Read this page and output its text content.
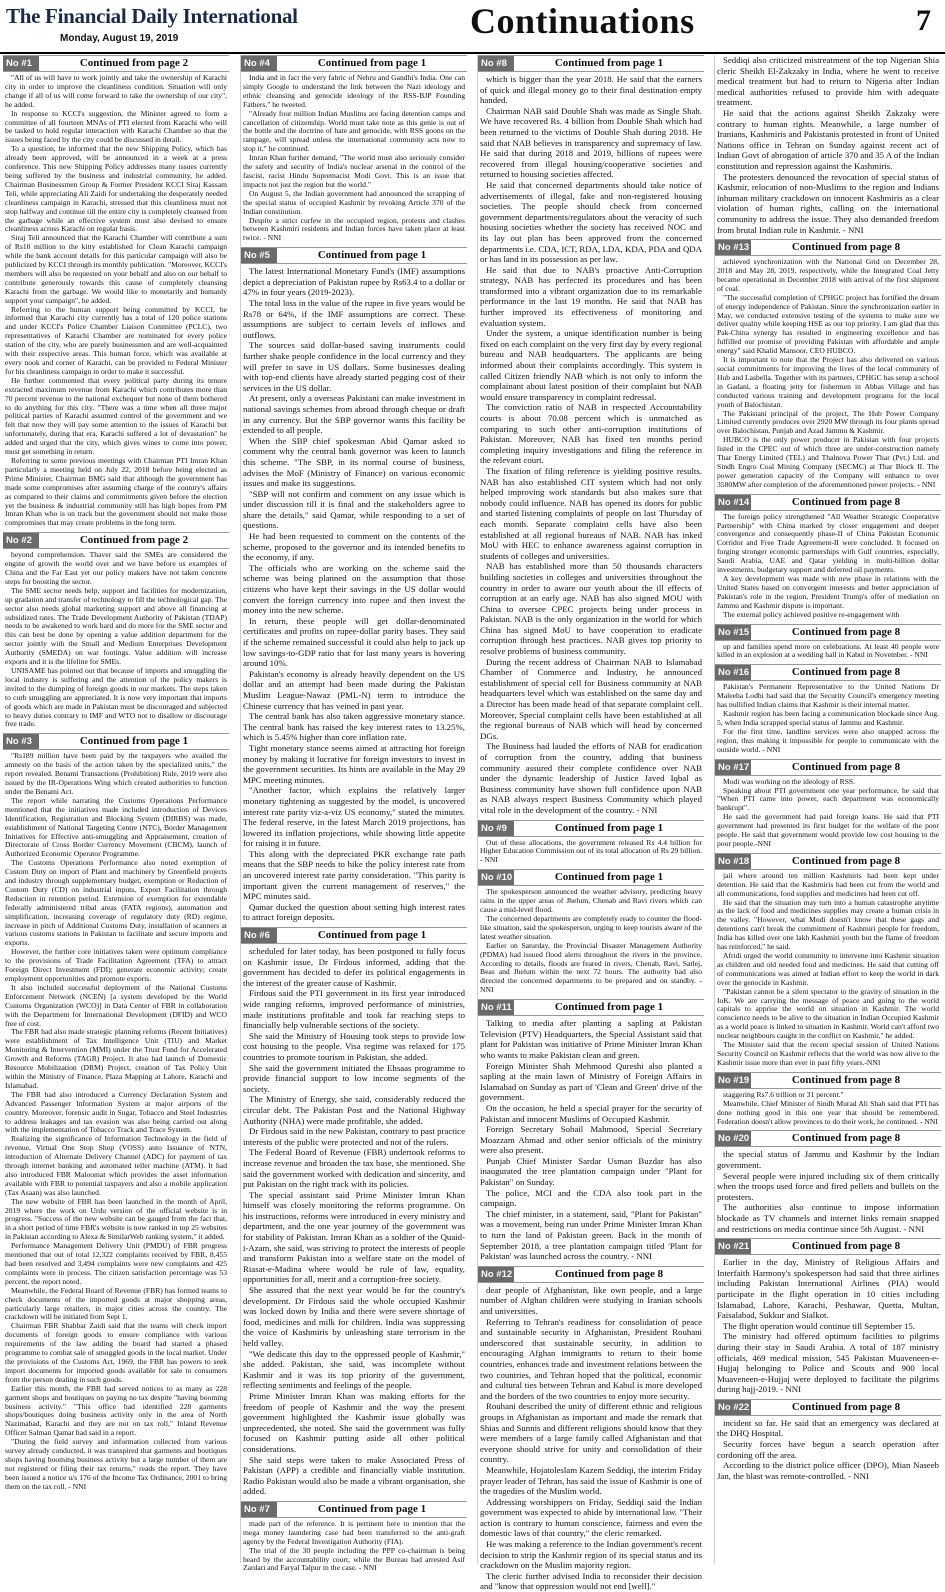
The Financial Daily International
Monday, August 19, 2019	Continuations	7
No #1	Continued from page 2

"All of us will have to work jointly and take the ownership of Karachi city in order to improve the cleanliness condition. Situation will only change if all of us will come forward to take the ownership of our city", he added.

In response to KCCI's suggestion, the Minister agreed to form a committee of all fourteen MNAs of PTI elected from Karachi who will be tasked to hold regular interaction with Karachi Chamber so that the issues being faced by the city could be discussed in detail.

To a question, he informed that the new Shipping Policy, which has already been approved, will be announced in a week at a press conference. This new Shipping Policy addresses many issues currently being suffered by the business and industrial community, he added. Chairman Businessmen Group & Former President KCCI Siraj Kassam Teli, while appreciating Ali Zaidi for undertaking the desperately needed cleanliness campaign in Karachi, stressed that this cleanliness must not stop halfway and continue till the entire city is completely cleansed from the garbage while an effective system must also devised to ensure cleanliness across Karachi on regular basis.

Siraj Teli announced that the Karachi Chamber will contribute a sum of Rs10 million to the kitty established for Clean Karachi campaign while the bank account details for this particular campaign will also be publicized by KCCI through its monthly publication. "Moreover, KCCI's members will also be requested on your behalf and also on our behalf to contribute generously towards this cause of completely cleansing Karachi from the garbage. We would like to monetarily and humanly support your campaign", he added.

Referring to the human support being committed by KCCI, he informed that Karachi city currently has a total of 120 police stations and under KCCI's Police Chamber Liaison Committee (PCLC), two representatives of Karachi Chamber are nominated for every police station of the city, who are purely businessmen and are well-acquainted with their respective areas. This human force, which was available at every nook and corner of Karachi, can be provided to Federal Minister for his cleanliness campaign in order to make it successful.

He further commented that every political party during its tenure extracted maximum revenue from Karachi which contributes more than 70 percent revenue to the national exchequer but none of them bothered to do anything for this city. "There was a time when all three major political parties of Karachi assumed control of the government and we felt that now they will pay some attention to the issues of Karachi but unfortunately, during that era, Karachi suffered a lot of devastation" he added and urged that the city, which gives wines to come into power, must get something in return.

Referring to some previous meetings with Chairman PTI Imran Khan particularly a meeting held on July 22, 2018 before being elected as Prime Minister, Chairman BMG said that although the government has made some compromises after assuming charge of the country's affairs as compared to their claims and commitments given before the election yet the business & industrial community still has high hopes from PM Imran Khan who is on track but the government should not make those compromises that may create problems in the long term.

No #2	Continued from page 2

beyond comprehension. Thaver said the SMEs are considered the engine of growth the world over and we have before us examples of China and the Far East yet our policy makers have not taken concrete steps for boosting the sector.

The SME sector needs help, support and facilities for modernization, up gradation and transfer of technology to fill the technological gap. The sector also needs global marketing support and above all financing at subsidized rates. The Trade Development Authority of Pakistan (TDAP) needs to be awakened to work hard and do more for the SME sector and this can best be done by opening a value addition department for the sector jointly with the Small and Medium Enterprises Development Authority (SMEDA) on war footings. Value addition will increase exports and it is the lifeline for SMEs.

UNISAME has pointed out that because of imports and smuggling the local industry is suffering and the attention of the policy makers is invited to the dumping of foreign goods in our markets. The steps taken to curb smuggling are appreciated. It is now very important that imports of goods which are made in Pakistan must be discouraged and subjected to heavy duties contrary to IMF and WTO not to disallow or discourage free trade.

No #3	Continued from page 1

"Rs189 million have been paid by the taxpayers who availed the amnesty on the basis of the action taken by the specialized units," the report revealed. Benami Transactions (Prohibition) Rule, 2019 were also issued by the IR-Operations Wing which created authorities to function under the Benami Act.

The report while narrating the Customs Operations Performance mentioned that the initiatives made included introduction of Devices Identification, Registration and Blocking System (DIRBS) was made, establishment of National Targeting Centre (NTC), Border Management Initiatives for Effective anti-smuggling and Appraisement, creation of Directorate of Cross Border Currency Movement (CBCM), launch of Authorized Economic Operator Programme.

The Customs Operations Performance also noted exemption of Custom Duty on import of Plant and machinery by Greenfield projects and industry through supplementary budget, exemption or Reduction of Custom Duty (CD) on industrial inputs, Export Facilitation through Reduction in retention period. Extension of exemption for extendable federally administered tribal areas (FATA regions), automation and simplification, increasing coverage of regulatory duty (RD) regime, increase in pitch of Additional Customs Duty, installation of scanners at various customs stations in Pakistan to facilitate and secure imports and exports.

However, the further core initiatives taken were optimum compliance to the provisions of Trade Facilitation Agreement (TFA) to attract Foreign Direct Investment (FDI); generate economic activity; create employment opportunities and promote exports.

It also included successful deployment of the National Customs Enforcement Network (NCEN) [a system developed by the World Customs Organization (WCO)] in Data Center of FBR in collaboration with the Department for International Development (DFID) and WCO free of cost.

The FBR had also made strategic planning reforms (Recent Initiatives) were establishment of Tax Intelligence Unit (TIU) and Market Monitoring & Intervention (MMI) under the Trust Fund for Accelerated Growth and Reforms (TAGR) Project. It also had launch of Domestic Resource Mobilization (DRM) Project, creation of Tax Policy Unit within the Ministry of Finance, Plaza Mapping at Lahore, Karachi and Islamabad.

The FBR had also introduced a Currency Declaration System and Advanced Passenger Information System at major airports of the country. Moreover, forensic audit in Sugar, Tobacco and Steel Industries to address leakages and tax evasion was also being carried out along with the implementation of Tobacco Track and Trace System.

Realizing the significance of Information Technology in the field of revenue, Virtual One Stop Shop (VOSS) auto Issuance of NTN, introduction of Alternate Delivery Channel (ADC) for payment of tax through internet banking and automated teller machine (ATM). It had also introduced FBR Maloomat which provides the asset information available with FBR to potential taxpayers and also a mobile application (Tax Asaan) was also launched.

The new website of FBR has been launched in the month of April, 2019 where the work on Urdu version of the official website is in progress. "Success of the new website can be gauged from the fact that, in a short period of time FBR's website is now ranked in top 25 websites in Pakistan according to Alexa & SimilarWeb ranking system," it added.

Performance Management Delivery Unit (PMDU) of FBR progress mentioned that out of total 12,322 complaints received by FBR, 8,455 had been resolved and 3,494 complaints were new complaints and 425 complaints were in process. The citizen satisfaction percentage was 53 percent, the report noted.

Meanwhile, the Federal Board of Revenue (FBR) has formed teams to check documents of the imported goods at major shopping areas, particularly large retailers, in major cities across the country. The crackdown will be initiated from Sept 1.

Chairman FBR Shabbar Zaidi said that the teams will check import documents of foreign goods to ensure compliance with various requirements of the law adding the board had started a phased programme to combat sale of smuggled goods in the local market. Under the provisions of the Customs Act, 1969, the FBR has powers to seek import documents for imported goods available for sale to consumers from the person dealing in such goods.

Earlier this month, the FBR had served notices to as many as 228 garment shops and boutiques on paying no tax despite "having booming business activity." "This office had identified 228 garments shops/boutiques doing business activity only in the area of North Nazimabad, Karachi and they are not on tax roll," Inland Revenue Officer Salman Qamar had said in a report.

"During the field survey and information collected from various survey already conducted, it was transpired that garments and boutiques shops having booming business activity but a large number of them are not registered or filing their tax returns," reads the report. They have been issued a notice u/s 176 of the Income Tax Ordinance, 2001 to bring them on the tax roll. - NNI

No #4	Continued from page 1

India and in fact the very fabric of Nehru and Gandhi's India. One can simply Google to understand the link between the Nazi ideology and ethnic cleansing and genocide ideology of the RSS-BJP Founding Fathers," he tweeted.

"Already four million Indian Muslims are facing detention camps and cancellation of citizenship. World must take note as this genie is out of the bottle and the doctrine of hate and genocide, with RSS goons on the rampage, will spread unless the international community acts now to stop it," he continued.

Imran Khan further demand, "The world must also seriously consider the safety and security of India's nuclear arsenal in the control of the fascist, racist Hindu Supremacist Modi Govt. This is an issue that impacts not just the region but the world."

On August 5, the Indian government had announced the scrapping of the special status of occupied Kashmir by revoking Article 370 of the Indian constitution.

Despite a strict curfew in the occupied region, protests and clashes between Kashmiri residents and Indian forces have taken place at least twice. - NNI

No #5	Continued from page 1

The latest International Monetary Fund's (IMF) assumptions depict a depreciation of Pakistan rupee by Rs63.4 to a dollar or 47% in four years (2019-2023).

The total loss in the value of the rupee in five years would be Rs78 or 64%, if the IMF assumptions are correct. These assumptions are subject to certain levels of inflows and outflows.

The sources said dollar-based saving instruments could further shake people confidence in the local currency and they will prefer to save in US dollars. Some businesses dealing with top-end clients have already started pegging cost of their services in the US dollar.

At present, only a overseas Pakistani can make investment in national savings schemes from abroad through cheque or draft in any currency. But the SBP governor wants this facility be extended to all people.

When the SBP chief spokesman Abid Qamar asked to comment why the central bank governor was keen to launch this scheme. "The SBP, in its normal course of business, advises the MoF (Ministry of Finance) on various economic issues and make its suggestions.

"SBP will not confirm and comment on any issue which is under discussion till it is final and the stakeholders agree to share the details," said Qamar, while responding to a set of questions.

He had been requested to comment on the contents of the scheme, proposed to the governor and its intended benefits to the economy, if any.

The officials who are working on the scheme said the scheme was being planned on the assumption that those citizens who have kept their savings in the US dollar would convert the foreign currency into rupee and then invest the money into the new scheme.

In return, these people will get dollar-denominated certificates and profits on rupee-dollar parity bases. They said if the scheme remained successful it could also help to jack up low savings-to-GDP ratio that for last many years is hovering around 10%.

Pakistan's economy is already heavily dependent on the US dollar and an attempt had been made during the Pakistan Muslim League-Nawaz (PML-N) term to introduce the Chinese currency that has veined in past year.

The central bank has also taken aggressive monetary stance. The central bank has raised the key interest rates to 13.25%, which is 5.45% higher than core inflation rate.

Tight monetary stance seems aimed at attracting hot foreign money by making it lucrative for foreign investors to invest in the government securities. Its hints are available in the May 29 MPC meeting minutes.

"Another factor, which explains the relatively larger monetary tightening as suggested by the model, is uncovered interest rate parity viz-a-viz US economy," stated the minutes. The federal reserve, in the latest March 2019 projections, has lowered its inflation projections, while showing little appetite for raising it in future.

This along with the depreciated PKR exchange rate path means that the SBP needs to hike the policy interest rate from an uncovered interest rate parity consideration. "This parity is important given the current management of reserves," the MPC minutes said.

Qamar ducked the question about setting high interest rates to attract foreign deposits.

No #6	Continued from page 1

scheduled for later today, has been postponed to fully focus on Kashmir issue, Dr Firdous informed, adding that the government has decided to defer its political engagements in the interest of the greater cause of Kashmir.

Firdous said the PTI government in its first year introduced wide ranging reforms, improved performance of ministries, made institutions profitable and took far reaching steps to financially help vulnerable sections of the society.

She said the Ministry of Housing took steps to provide low cost housing to the people. Visa regime was relaxed for 175 countries to promote tourism in Pakistan, she added.

She said the government initiated the Ehsaas programme to provide financial support to low income segments of the society.

The Ministry of Energy, she said, considerably reduced the circular debt. The Pakistan Post and the National Highway Authority (NHA) were made profitable, she added.

Dr Firdous said in the new Pakistan, contrary to past practice interests of the public were protected and not of the rulers.

The Federal Board of Revenue (FBR) undertook reforms to increase revenue and broaden the tax base, she mentioned. She said the government worked with dedication and sincerity, and put Pakistan on the right track with its policies.

The special assistant said Prime Minister Imran Khan himself was closely monitoring the reforms programme. On his instructions, reforms were introduced in every ministry and department, and the one year journey of the government was for stability of Pakistan. Imran Khan as a soldier of the Quaid-i-Azam, she said, was striving to protect the interests of people and transform Pakistan into a welfare state on the model of Riasat-e-Madina where would be rule of law, equality, opportunities for all, merit and a corruption-free society.

She assured that the next year would be for the country's development. Dr Firdous said the whole occupied Kashmir was locked down by India and there were severe shortage of food, medicines and milk for children. India was suppressing the voice of Kashmiris by unleashing state terrorism in the held valley.

"We dedicate this day to the oppressed people of Kashmir," she added. Pakistan, she said, was incomplete without Kashmir and it was its top priority of the government, reflecting sentiments and feelings of the people.

Prime Minister Imran Khan was making efforts for the freedom of people of Kashmir and the way the present government highlighted the Kashmir issue globally was unprecedented, she noted. She said the government was fully focused on Kashmir putting aside all other political considerations.

She said steps were taken to make Associated Press of Pakistan (APP) a credible and financially viable institution. Radio Pakistan would also be made a vibrant organisation, she added.

No #7	Continued from page 1

made part of the reference. It is pertinent here to mention that the mega money laundering case had been transferred to the anti-graft agency by the Federal Investigation Authority (FIA).

The trial of the 30 people including the PPP co-chairman is being heard by the accountability court, while the Bureau had arrested Asif Zardari and Faryal Talpur in the case. - NNI

No #8	Continued from page 1

which is bigger than the year 2018. He said that the earners of quick and illegal money go to their final destination empty handed.

Chairman NAB said Double Shah was made as Single Shah. We have recovered Rs. 4 billion from Double Shah which had been returned to the victims of Double Shah during 2018. He said that NAB believes in transparency and supremacy of law. He said that during 2018 and 2019, billions of rupees were recovered from illegal housing/cooperative societies and returned to housing societies affected.

He said that concerned departments should take notice of advertisements of illegal, fake and non-registered housing societies. The people should check from concerned government departments/regulators about the veracity of such housing societies whether the society has received NOC and its lay out plan has been approved from the concerned departments i.e. CDA, ICT, RDA, LDA, KDA, PDA and QDA or has land in its possession as per law.

He said that due to NAB's proactive Anti-Corruption strategy, NAB has perfected its procedures and has been transformed into a vibrant organization due to its remarkable performance in the last 19 months. He said that NAB has further improved its effectiveness of monitoring and evaluation system.

Under the system, a unique identification number is being fixed on each complaint on the very first day by every regional bureau and NAB headquarters. The applicants are being informed about their complaints accordingly. This system is called Citizen friendly NAB which is not only to inform the complainant about latest position of their complaint but NAB would ensure transparency in complaint redressal.

The conviction ratio of NAB in respected Accountability courts is about 70.08 percent which is unmatched as comparing to such other anti-corruption institutions of Pakistan. Moreover, NAB has fixed ten months period completing inquiry investigations and filing the reference in the relevant court.

The fixation of filing reference is yielding positive results. NAB has also established CIT system which had not only helped improving work standards but also makes sure that nobody could influence. NAB has opened its doors for public and started listening complaints of people on last Thursday of each month. Separate complaint cells have also been established at all regional bureaus of NAB. NAB has inked MoU with HEC to enhance awareness against corruption in students of colleges and universities.

NAB has established more than 50 thousands characters building societies in colleges and universities throughout the country in order to aware our youth about the ill effects of corruption at an early age. NAB has also signed MOU with China to oversee CPEC projects being under process in Pakistan. NAB is the only organization in the world for which China has signed MoU to have cooperation to eradicate corruption through best practices. NAB gives top priority to resolve problems of business community.

During the recent address of Chairman NAB to Islamabad Chamber of Commerce and Industry, he announced establishment of special cell for Business community at NAB headquarters level which was established on the same day and a Director has been made head of that separate complaint cell. Moreover, Special complaint cells have been established at all the regional bureaus of NAB which will head by concerned DGs.

The Business had lauded the efforts of NAB for eradication of corruption from the country, adding that business community assured their complete confidence over NAB under the dynamic leadership of Justice Javed Iqbal as Business community have shown full confidence upon NAB as NAB always respect Business Community which played vital role in the development of the country. - NNI

No #9	Continued from page 1

Out of these allocations, the government released Rs 4.4 billion for Higher Education Commission out of its total allocation of Rs 29 billion. - NNI

No #10	Continued from page 1

The spokesperson announced the weather advisory, predicting heavy rains in the upper areas of Jhelum, Chenab and Ravi rivers which can cause a mid-level flood.

The concerned departments are completely ready to counter the flood-like situation, said the spokesperson, urging to keep tourists aware of the latest weather situation.

Earlier on Saturday, the Provincial Disaster Management Authority (PDMA) had issued flood alerts throughout the rivers in the province. According to details, floods are feared in rivers, Chenab, Ravi, Satlej, Beas and Jhelum within the next 72 hours. The authority had also directed the concerned departments to be prepared and on standby. - NNI

No #11	Continued from page 1

Talking to media after planting a sapling at Pakistan Television (PTV) Headquarters, the Special Assistant said that plant for Pakistan was initiative of Prime Minister Imran Khan who wants to make Pakistan clean and green.

Foreign Minister Shah Mehmood Qureshi also planted a sapling at the main lawn of Ministry of Foreign Affairs in Islamabad on Sunday as part of 'Clean and Green' drive of the government.

On the occasion, he held a special prayer for the security of Pakistan and innocent Muslims of Occupied Kashmir.

Foreign Secretary Sohail Mahmood, Special Secretary Moazzam Ahmad and other senior officials of the ministry were also present.

Punjab Chief Minister Sardar Usman Buzdar has also inaugurated the tree plantation campaign under "Plant for Pakistan" on Sunday.

The police, MCI and the CDA also took part in the campaign.

The chief minister, in a statement, said, "Plant for Pakistan" was a movement, being run under Prime Minister Imran Khan to turn the land of Pakistan green. Back in the month of September 2018, a tree plantation campaign titled 'Plant for Pakistan' was launched across the country. - NNI

No #12	Continued from page 8

dear people of Afghanistan, like own people, and a large number of Afghan children were studying in Iranian schools and universities.

Referring to Tehran's readiness for consolidation of peace and sustainable security in Afghanistan, President Rouhani underscored that sustainable security, in addition to encouraging Afghan immigrants to return to their home countries, enhances trade and investment relations between the two countries, and Tehran hoped that the political, economic and cultural ties between Tehran and Kabul is more developed and the borders of the two countries to enjoy more security.

Rouhani described the unity of different ethnic and religious groups in Afghanistan as important and made the remark that Shias and Sunnis and different religions should know that they were members of a large family called Afghanistan and that everyone should strive for unity and consolidation of their country.

Meanwhile, Hojatoleslam Kazem Seddiqi, the interim Friday prayer leader of Tehran, has said the issue of Kashmir is one of the tragedies of the Muslim world.

Addressing worshippers on Friday, Seddiqi said the Indian government was expected to abide by international law. "Their action is contrary to human conscience, fairness and even the domestic laws of that country," the cleric remarked.

He was making a reference to the Indian government's recent decision to strip the Kashmir region of its special status and its crackdown on the Muslim majority region.

The cleric further advised India to reconsider their decision and "know that oppression would not end [well]."

Seddiqi also criticized mistreatment of the top Nigerian Shia cleric Sheikh El-Zakzaky in India, where he went to receive medical treatment but had to return to Nigeria after Indian medical authorities refused to provide him with adequate treatment.

He said that the actions against Sheikh Zakzaky were contrary to human rights. Meanwhile, a large number of Iranians, Kashmiris and Pakistanis protested in front of United Nations office in Tehran on Sunday against recent act of Indian Govt of abrogation of article 370 and 35 A of the Indian constitution and repression against the Kashmiris.

The protesters denounced the revocation of special status of Kashmir, relocation of non-Muslims to the region and Indians inhuman military crackdown on innocent Kashmiris as a clear violation of human rights, calling on the international community to address the issue. They also demanded freedom from brutal Indian rule in Kashmir. - NNI

No #13	Continued from page 8

achieved synchronization with the National Grid on December 28, 2018 and May 28, 2019, respectively, while the Integrated Coal Jetty became operational in December 2018 with arrival of the first shipment of coal.

"The successful completion of CPHGC project has fortified the dream of energy independence of Pakistan. Since the synchronization earlier in May, we conducted extensive testing of the systems to make sure we deliver quality while keeping HSE as our top priority. I am glad that this Pak-China synergy has resulted in engineering excellence and has fulfilled our promise of providing Pakistan with affordable and ample energy" said Khalid Mansoor, CEO HUBCO.

It is important to note that the Project has also delivered on various social commitments for improving the lives of the local community of Hub and Lasbella. Together with its partners, CPHGC has setup a school in Gadani, a floating jetty for fishermen in Abbas Village and has conducted various training and development programs for the local youth of Balochistan.

The Pakistani principal of the project, The Hub Power Company Limited currently produces over 2920 MW through its four plants spread over Balochistan, Punjab and Azad Jammu & Kashmir.

HUBCO is the only power producer in Pakistan with four projects listed in the CPEC out of which three are under-construction namely Thar Energy Limited (TEL) and Thalnova Power Thar (Pvt.) Ltd. and Sindh Engro Coal Mining Company (SECMC) at Thar Block II. The power generation capacity of the Company will enhance to over 3580MW after completion of the aforementioned power projects. - NNI

No #14	Continued from page 8

The foreign policy strengthened "All Weather Strategic Cooperative Partnership" with China marked by closer engagement and deeper convergence and consequently phase-II of China Pakistan Economic Corridor and Free Trade Agreement-II were concluded. It focused on forging stronger economic partnerships with Gulf countries, especially, Saudi Arabia, UAE and Qatar yielding in multi-billion dollar investments, budgetary support and deferred oil payments.

A key development was made with new phase in relations with the United States based on convergent interests and better appreciation of Pakistan's role in the region, President Trump's offer of mediation on Jammu and Kashmir dispute is important.

The external policy achieved positive re-engagement with

No #15	Continued from page 8

up and families spend more on celebrations. At least 40 people were killed in an explosion at a wedding hall in Kabul in November. - NNI

No #16	Continued from page 8

Pakistan's Permanent Representative to the United Nations Dr Maleeha Lodhi had said that the Security Council's emergency meeting has nullified Indian claims that Kashmir is their internal matter.

Kashmir region has been facing a communication blockade since Aug. 5, when India scrapped special status of Jammu and Kashmir.

For the first time, landline services were also snapped across the region, thus making it impossible for people to communicate with the outside world. - NNI

No #17	Continued from page 8

Modi was working on the ideology of RSS.

Speaking about PTI government one year performance, he said that "When PTI came into power, each department was economically bankrupt".

He said the government had paid foreign loans. He said that PTI government had presented its first budget for the welfare of the poor people. He said that government would provide low cost housing to the poor people.-NNI

No #18	Continued from page 8

jail where around ten million Kashmiris had been kept under detention. He said that the Kashmiris had been cut from the world and all communications, food supplies and medicines had been cut off.

He said that the situation may turn into a human catastrophe anytime as the lack of food and medicines supplies may create a human crisis in the valley. "However, what Modi doesn't know that these gags and detentions can't break the commitment of Kashmiri people for freedom, India has killed over one lakh Kashmiri youth but the flame of freedom has reinforced," he said.

Afridi urged the world community to intervene into Kashmir situation as children and old needed food and medicines. He said that cutting off of communications was aimed at Indian effort to keep the world in dark over the genocide in Kashmir.

"Pakistan cannot be a silent spectator to the gravity of situation in the IoK. We are carrying the message of peace and going to the world capitals to apprise the world on situation in Kashmir. The world conscience needs to be alive to the situation in Indian Occupied Kashmir as a world peace is linked to situation in Kashmir. World can't afford two nuclear neighbours caught in the conflict on Kashmir," he added.

The Minister said that the recent special session of United Nations Security Council on Kashmir reflects that the world was now alive to the Kashmir issue more than ever in past fifty years.-NNI

No #19	Continued from page 8

staggering Rs7.6 trillion or 31 percent."

Meanwhile, Chief Minister of Sindh Murad Ali Shah said that PTI has done nothing good in this one year that should be remembered. Federation doesn't allow provinces to do their work, he continued. - NNI

No #20	Continued from page 8

the special status of Jammu and Kashmir by the Indian government.

Several people were injured including six of them critically when the troops used force and fired pellets and bullets on the protesters.

The authorities also continue to impose information blockade as TV channels and internet links remain snapped and restrictions on media continue since 5th August. - NNI

No #21	Continued from page 8

Earlier in the day, Ministry of Religious Affairs and Interfaith Harmony's spokesperson had said that three airlines including Pakistan International Airlines (PIA) would participate in the flight operation in 10 cities including Islamabad, Lahore, Karachi, Peshawar, Quetta, Multan, Faisalabad, Sukkur and Sialkot.

The flight operation would continue till September 15.

The ministry had offered optimum facilities to pilgrims during their stay in Saudi Arabia. A total of 187 ministry officials, 469 medical mission, 545 Pakistan Muaveneen-e-Hujjaj belonging to Police and Scouts and 900 local Muaveneen-e-Hujjaj were deployed to facilitate the pilgrims during hajj-2019. - NNI

No #22	Continued from page 8

incident so far. He said that an emergency was declared at the DHQ Hospital.

Security forces have begun a search operation after cordoning off the area.

According to the district police officer (DPO), Mian Naseeb Jan, the blast was remote-controlled. - NNI
